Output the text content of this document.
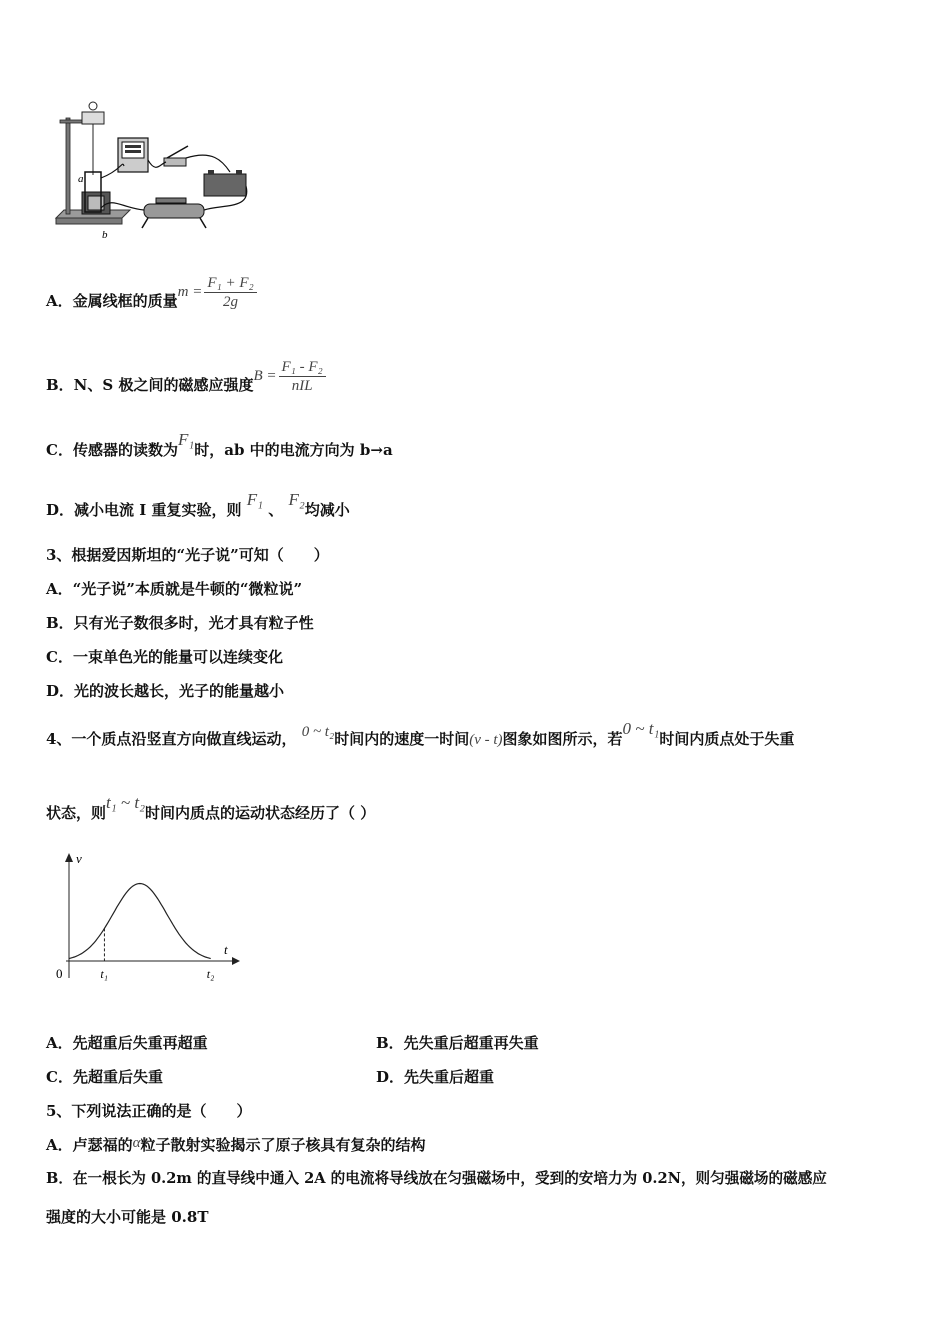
a
b
A．金属线框的质量$m = \frac{\text{F₁ + F₂}}{2g}$
B．N、S 极之间的磁感应强度$B = \frac{\text{F₁ - F₂}}{\text{nIL}}$
C．传感器的读数为F₁时，ab 中的电流方向为 b→a
D．减小电流 I 重复实验，则 F₁ 、 F₂均减小
3、根据爱因斯坦的“光子说”可知（　　）
A．“光子说”本质就是牛顿的“微粒说”
B．只有光子数很多时，光才具有粒子性
C．一束单色光的能量可以连续变化
D．光的波长越长，光子的能量越小
4、一个质点沿竖直方向做直线运动， 0 ~ t₂时间内的速度一时间(v - t)图象如图所示，若0 ~ t₁时间内质点处于失重
状态，则t₁ ~ t₂时间内质点的运动状态经历了（ ）
v
t
0	t₁	t₂
A．先超重后失重再超重	B．先失重后超重再失重
C．先超重后失重	D．先失重后超重
5、下列说法正确的是（　　）
A．卢瑟福的α粒子散射实验揭示了原子核具有复杂的结构
B．在一根长为 0.2m 的直导线中通入 2A 的电流将导线放在匀强磁场中，受到的安培力为 0.2N，则匀强磁场的磁感应
强度的大小可能是 0.8T
